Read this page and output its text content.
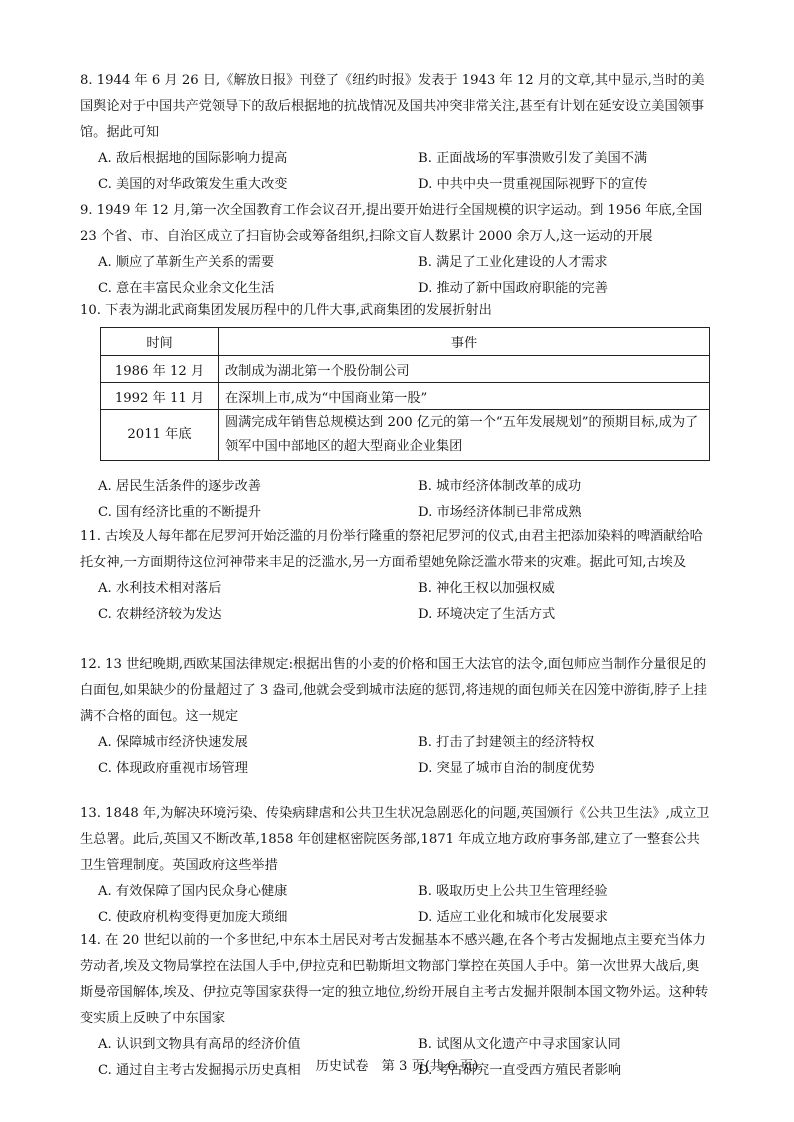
8. 1944 年 6 月 26 日,《解放日报》刊登了《纽约时报》发表于 1943 年 12 月的文章,其中显示,当时的美国舆论对于中国共产党领导下的敌后根据地的抗战情况及国共冲突非常关注,甚至有计划在延安设立美国领事馆。据此可知
A. 敌后根据地的国际影响力提高	B. 正面战场的军事溃败引发了美国不满
C. 美国的对华政策发生重大改变	D. 中共中央一贯重视国际视野下的宣传
9. 1949 年 12 月,第一次全国教育工作会议召开,提出要开始进行全国规模的识字运动。到 1956 年底,全国 23 个省、市、自治区成立了扫盲协会或筹备组织,扫除文盲人数累计 2000 余万人,这一运动的开展
A. 顺应了革新生产关系的需要	B. 满足了工业化建设的人才需求
C. 意在丰富民众业余文化生活	D. 推动了新中国政府职能的完善
10. 下表为湖北武商集团发展历程中的几件大事,武商集团的发展折射出
时间	事件
1986 年 12 月	改制成为湖北第一个股份制公司
1992 年 11 月	在深圳上市,成为“中国商业第一股”
2011 年底	圆满完成年销售总规模达到 200 亿元的第一个“五年发展规划”的预期目标,成为了领军中国中部地区的超大型商业企业集团
A. 居民生活条件的逐步改善	B. 城市经济体制改革的成功
C. 国有经济比重的不断提升	D. 市场经济体制已非常成熟
11. 古埃及人每年都在尼罗河开始泛滥的月份举行隆重的祭祀尼罗河的仪式,由君主把添加染料的啤酒献给哈托女神,一方面期待这位河神带来丰足的泛滥水,另一方面希望她免除泛滥水带来的灾难。据此可知,古埃及
A. 水利技术相对落后	B. 神化王权以加强权威
C. 农耕经济较为发达	D. 环境决定了生活方式
12. 13 世纪晚期,西欧某国法律规定:根据出售的小麦的价格和国王大法官的法令,面包师应当制作分量很足的白面包,如果缺少的份量超过了 3 盎司,他就会受到城市法庭的惩罚,将违规的面包师关在囚笼中游街,脖子上挂满不合格的面包。这一规定
A. 保障城市经济快速发展	B. 打击了封建领主的经济特权
C. 体现政府重视市场管理	D. 突显了城市自治的制度优势
13. 1848 年,为解决环境污染、传染病肆虐和公共卫生状况急剧恶化的问题,英国颁行《公共卫生法》,成立卫生总署。此后,英国又不断改革,1858 年创建枢密院医务部,1871 年成立地方政府事务部,建立了一整套公共卫生管理制度。英国政府这些举措
A. 有效保障了国内民众身心健康	B. 吸取历史上公共卫生管理经验
C. 使政府机构变得更加庞大琐细	D. 适应工业化和城市化发展要求
14. 在 20 世纪以前的一个多世纪,中东本土居民对考古发掘基本不感兴趣,在各个考古发掘地点主要充当体力劳动者,埃及文物局掌控在法国人手中,伊拉克和巴勒斯坦文物部门掌控在英国人手中。第一次世界大战后,奥斯曼帝国解体,埃及、伊拉克等国家获得一定的独立地位,纷纷开展自主考古发掘并限制本国文物外运。这种转变实质上反映了中东国家
A. 认识到文物具有高昂的经济价值	B. 试图从文化遗产中寻求国家认同
C. 通过自主考古发掘揭示历史真相	D. 考古研究一直受西方殖民者影响
历史试卷　第 3 页(共 6 页)
